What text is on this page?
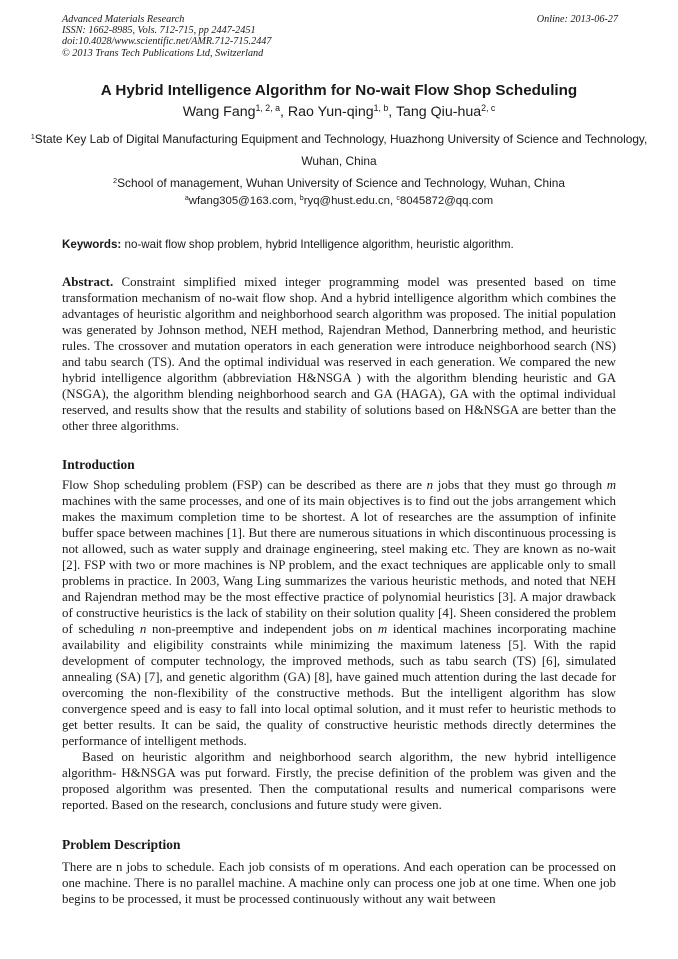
Advanced Materials Research
ISSN: 1662-8985, Vols. 712-715, pp 2447-2451
doi:10.4028/www.scientific.net/AMR.712-715.2447
© 2013 Trans Tech Publications Ltd, Switzerland
Online: 2013-06-27
A Hybrid Intelligence Algorithm for No-wait Flow Shop Scheduling
Wang Fang$^{1, 2, a}$, Rao Yun-qing$^{1, b}$, Tang Qiu-hua$^{2, c}$
$^1$State Key Lab of Digital Manufacturing Equipment and Technology, Huazhong University of Science and Technology, Wuhan, China
$^2$School of management, Wuhan University of Science and Technology, Wuhan, China
$^a$wfang305@163.com, $^b$ryq@hust.edu.cn, $^c$8045872@qq.com
Keywords: no-wait flow shop problem, hybrid Intelligence algorithm, heuristic algorithm.

Abstract. Constraint simplified mixed integer programming model was presented based on time transformation mechanism of no-wait flow shop. And a hybrid intelligence algorithm which combines the advantages of heuristic algorithm and neighborhood search algorithm was proposed. The initial population was generated by Johnson method, NEH method, Rajendran Method, Dannerbring method, and heuristic rules. The crossover and mutation operators in each generation were introduce neighborhood search (NS) and tabu search (TS). And the optimal individual was reserved in each generation. We compared the new hybrid intelligence algorithm (abbreviation H&NSGA ) with the algorithm blending heuristic and GA (NSGA), the algorithm blending neighborhood search and GA (HAGA), GA with the optimal individual reserved, and results show that the results and stability of solutions based on H&NSGA are better than the other three algorithms.

Introduction

Flow Shop scheduling problem (FSP) can be described as there are n jobs that they must go through m machines with the same processes, and one of its main objectives is to find out the jobs arrangement which makes the maximum completion time to be shortest. A lot of researches are the assumption of infinite buffer space between machines [1]. But there are numerous situations in which discontinuous processing is not allowed, such as water supply and drainage engineering, steel making etc. They are known as no-wait [2]. FSP with two or more machines is NP problem, and the exact techniques are applicable only to small problems in practice. In 2003, Wang Ling summarizes the various heuristic methods, and noted that NEH and Rajendran method may be the most effective practice of polynomial heuristics [3]. A major drawback of constructive heuristics is the lack of stability on their solution quality [4]. Sheen considered the problem of scheduling n non-preemptive and independent jobs on m identical machines incorporating machine availability and eligibility constraints while minimizing the maximum lateness [5]. With the rapid development of computer technology, the improved methods, such as tabu search (TS) [6], simulated annealing (SA) [7], and genetic algorithm (GA) [8], have gained much attention during the last decade for overcoming the non-flexibility of the constructive methods. But the intelligent algorithm has slow convergence speed and is easy to fall into local optimal solution, and it must refer to heuristic methods to get better results. It can be said, the quality of constructive heuristic methods directly determines the performance of intelligent methods.

Based on heuristic algorithm and neighborhood search algorithm, the new hybrid intelligence algorithm- H&NSGA was put forward. Firstly, the precise definition of the problem was given and the proposed algorithm was presented. Then the computational results and numerical comparisons were reported. Based on the research, conclusions and future study were given.

Problem Description

There are n jobs to schedule. Each job consists of m operations. And each operation can be processed on one machine. There is no parallel machine. A machine only can process one job at one time. When one job begins to be processed, it must be processed continuously without any wait between
